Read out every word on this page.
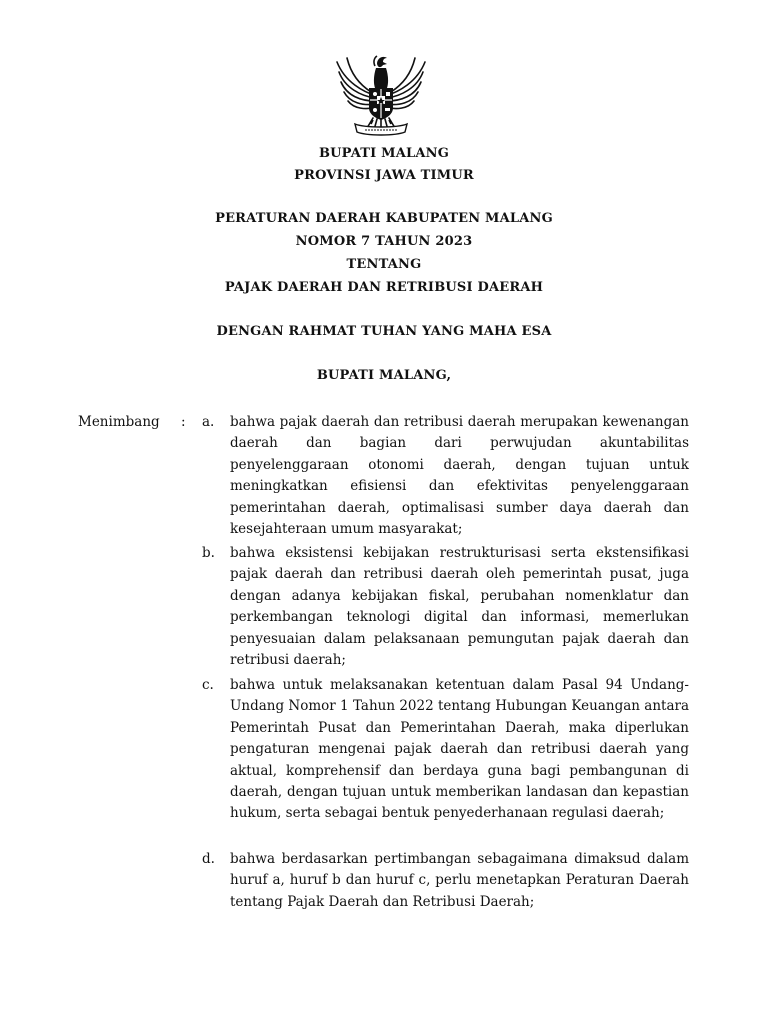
BUPATI MALANG
PROVINSI JAWA TIMUR
PERATURAN DAERAH KABUPATEN MALANG
NOMOR 7 TAHUN 2023
TENTANG
PAJAK DAERAH DAN RETRIBUSI DAERAH
DENGAN RAHMAT TUHAN YANG MAHA ESA
BUPATI MALANG,
Menimbang : a. bahwa pajak daerah dan retribusi daerah merupakan kewenangan daerah dan bagian dari perwujudan akuntabilitas penyelenggaraan otonomi daerah, dengan tujuan untuk meningkatkan efisiensi dan efektivitas penyelenggaraan pemerintahan daerah, optimalisasi sumber daya daerah dan kesejahteraan umum masyarakat;
b. bahwa eksistensi kebijakan restrukturisasi serta ekstensifikasi pajak daerah dan retribusi daerah oleh pemerintah pusat, juga dengan adanya kebijakan fiskal, perubahan nomenklatur dan perkembangan teknologi digital dan informasi, memerlukan penyesuaian dalam pelaksanaan pemungutan pajak daerah dan retribusi daerah;
c. bahwa untuk melaksanakan ketentuan dalam Pasal 94 Undang-Undang Nomor 1 Tahun 2022 tentang Hubungan Keuangan antara Pemerintah Pusat dan Pemerintahan Daerah, maka diperlukan pengaturan mengenai pajak daerah dan retribusi daerah yang aktual, komprehensif dan berdaya guna bagi pembangunan di daerah, dengan tujuan untuk memberikan landasan dan kepastian hukum, serta sebagai bentuk penyederhanaan regulasi daerah;
d. bahwa berdasarkan pertimbangan sebagaimana dimaksud dalam huruf a, huruf b dan huruf c, perlu menetapkan Peraturan Daerah tentang Pajak Daerah dan Retribusi Daerah;
